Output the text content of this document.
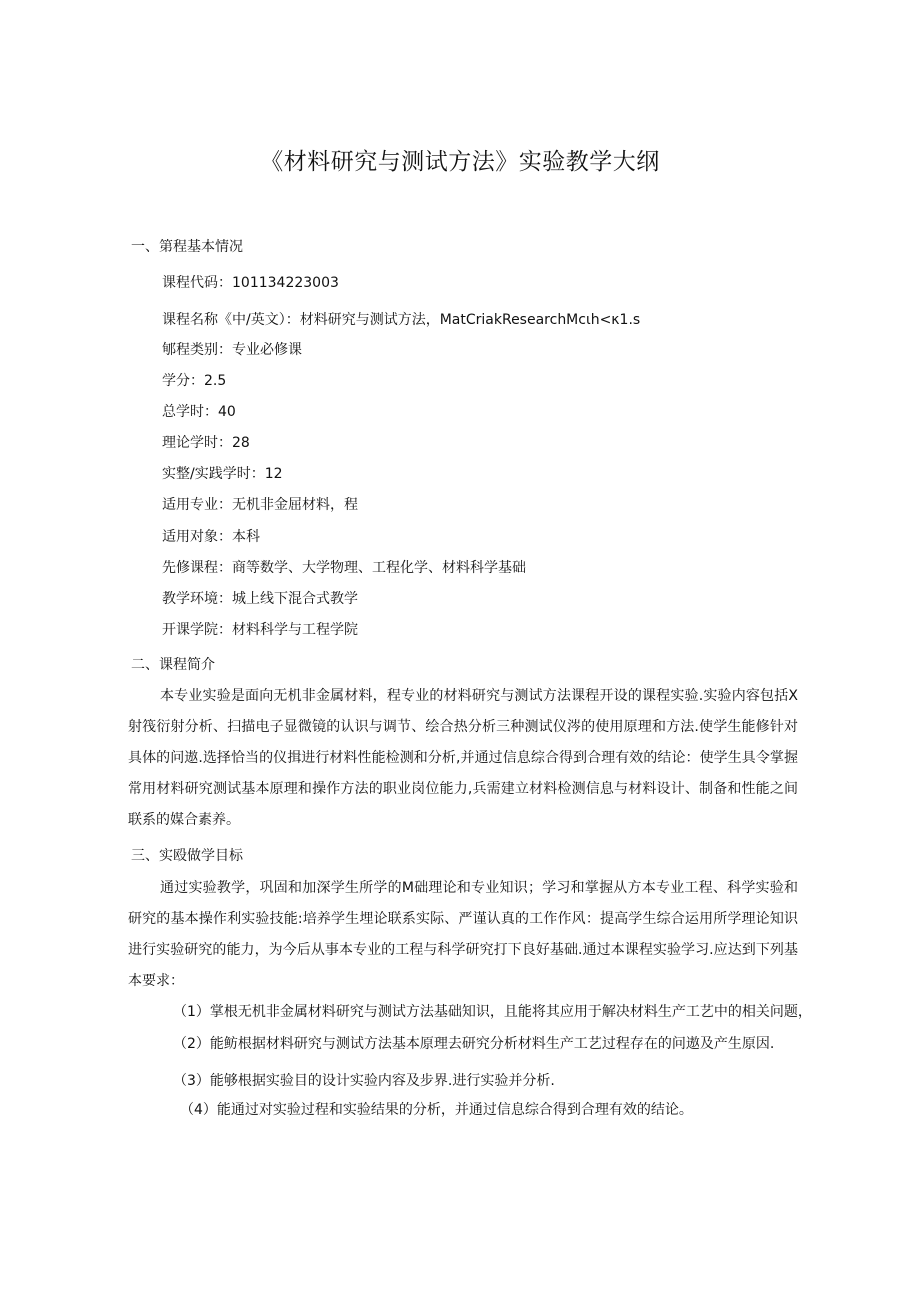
《材料研究与测试方法》实验教学大纲
一、第程基本情况
课程代码：101134223003
课程名称《中/英文）：材料研究与测试方法，MatCriakResearchMcιh<κ1.s
郇程类别：专业必修课
学分：2.5
总学时：40
理论学时：28
实整/实践学时：12
适用专业：无机非金屈材料，程
适用对象：本科
先修课程：商等数学、大学物理、工程化学、材料科学基础
教学环境：城上线下混合式教学
开课学院：材料科学与工程学院
二、课程简介
本专业实验是面向无机非金属材料，程专业的材料研究与测试方法课程开设的课程实验.实验内容包括X射筏衍射分析、扫描电子显微镜的认识与调节、绘合热分析三种测试仪涔的使用原理和方法.使学生能修针对具体的问遨.选择恰当的仪揖进行材料性能检测和分析,并通过信息综合得到合理有效的结论：使学生具令掌握常用材料研究测试基本原理和操作方法的职业岗位能力,兵需建立材料检测信息与材料设计、制备和性能之间联系的媒合素养。
三、实殴做学目标
通过实验教学，巩固和加深学生所学的M础理论和专业知识；学习和掌握从方本专业工程、科学实验和研究的基本操作利实验技能:培养学生埋论联系实际、严谨认真的工作作风：提高学生综合运用所学理论知识进行实验研究的能力，为今后从事本专业的工程与科学研究打下良好基础.通过本课程实验学习.应达到下列基本要求：
（1）掌根无机非金属材料研究与测试方法基础知识，且能将其应用于解决材料生产工艺中的相关问题，
（2）能鲂根据材料研究与测试方法基本原理去研究分析材料生产工艺过程存在的问遨及产生原因.
（3）能够根据实验目的设计实验内容及步界.进行实验并分析.
（4）能通过对实验过程和实验结果的分析，并通过信息综合得到合理有效的结论。
